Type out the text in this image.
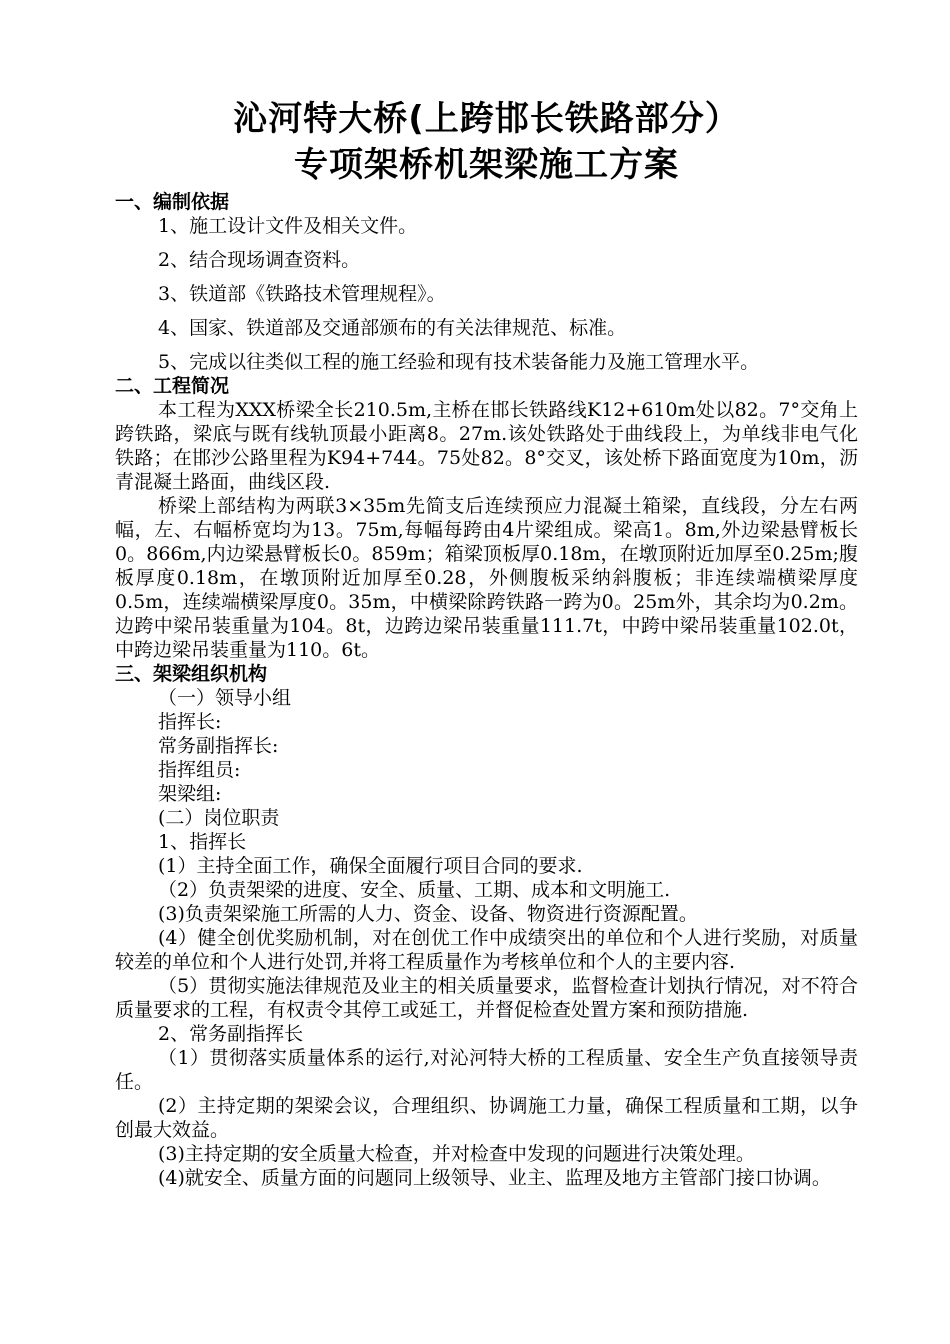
沁河特大桥(上跨邯长铁路部分）

专项架桥机架梁施工方案

一、编制依据

1、施工设计文件及相关文件。

2、结合现场调查资料。

3、铁道部《铁路技术管理规程》。

4、国家、铁道部及交通部颁布的有关法律规范、标准。

5、完成以往类似工程的施工经验和现有技术装备能力及施工管理水平。

二、工程简况

本工程为XXX桥梁全长210.5m,主桥在邯长铁路线K12+610m处以82。7°交角上跨铁路，梁底与既有线轨顶最小距离8。27m.该处铁路处于曲线段上，为单线非电气化铁路；在邯沙公路里程为K94+744。75处82。8°交叉，该处桥下路面宽度为10m，沥青混凝土路面，曲线区段.

桥梁上部结构为两联3×35m先简支后连续预应力混凝土箱梁，直线段，分左右两幅，左、右幅桥宽均为13。75m,每幅每跨由4片梁组成。梁高1。8m,外边梁悬臂板长0。866m,内边梁悬臂板长0。859m；箱梁顶板厚0.18m，在墩顶附近加厚至0.25m;腹板厚度0.18m，在墩顶附近加厚至0.28，外侧腹板采纳斜腹板；非连续端横梁厚度0.5m，连续端横梁厚度0。35m，中横梁除跨铁路一跨为0。25m外，其余均为0.2m。边跨中梁吊装重量为104。8t，边跨边梁吊装重量111.7t，中跨中梁吊装重量102.0t，中跨边梁吊装重量为110。6t。

三、架梁组织机构

（一）领导小组

指挥长:

常务副指挥长:

指挥组员:

架梁组:

(二）岗位职责

1、指挥长

(1）主持全面工作，确保全面履行项目合同的要求.

（2）负责架梁的进度、安全、质量、工期、成本和文明施工.

(3)负责架梁施工所需的人力、资金、设备、物资进行资源配置。

(4）健全创优奖励机制，对在创优工作中成绩突出的单位和个人进行奖励，对质量较差的单位和个人进行处罚,并将工程质量作为考核单位和个人的主要内容.

（5）贯彻实施法律规范及业主的相关质量要求，监督检查计划执行情况，对不符合质量要求的工程，有权责令其停工或延工，并督促检查处置方案和预防措施.

2、常务副指挥长

（1）贯彻落实质量体系的运行,对沁河特大桥的工程质量、安全生产负直接领导责任。

(2）主持定期的架梁会议，合理组织、协调施工力量，确保工程质量和工期，以争创最大效益。

(3)主持定期的安全质量大检查，并对检查中发现的问题进行决策处理。

(4)就安全、质量方面的问题同上级领导、业主、监理及地方主管部门接口协调。
